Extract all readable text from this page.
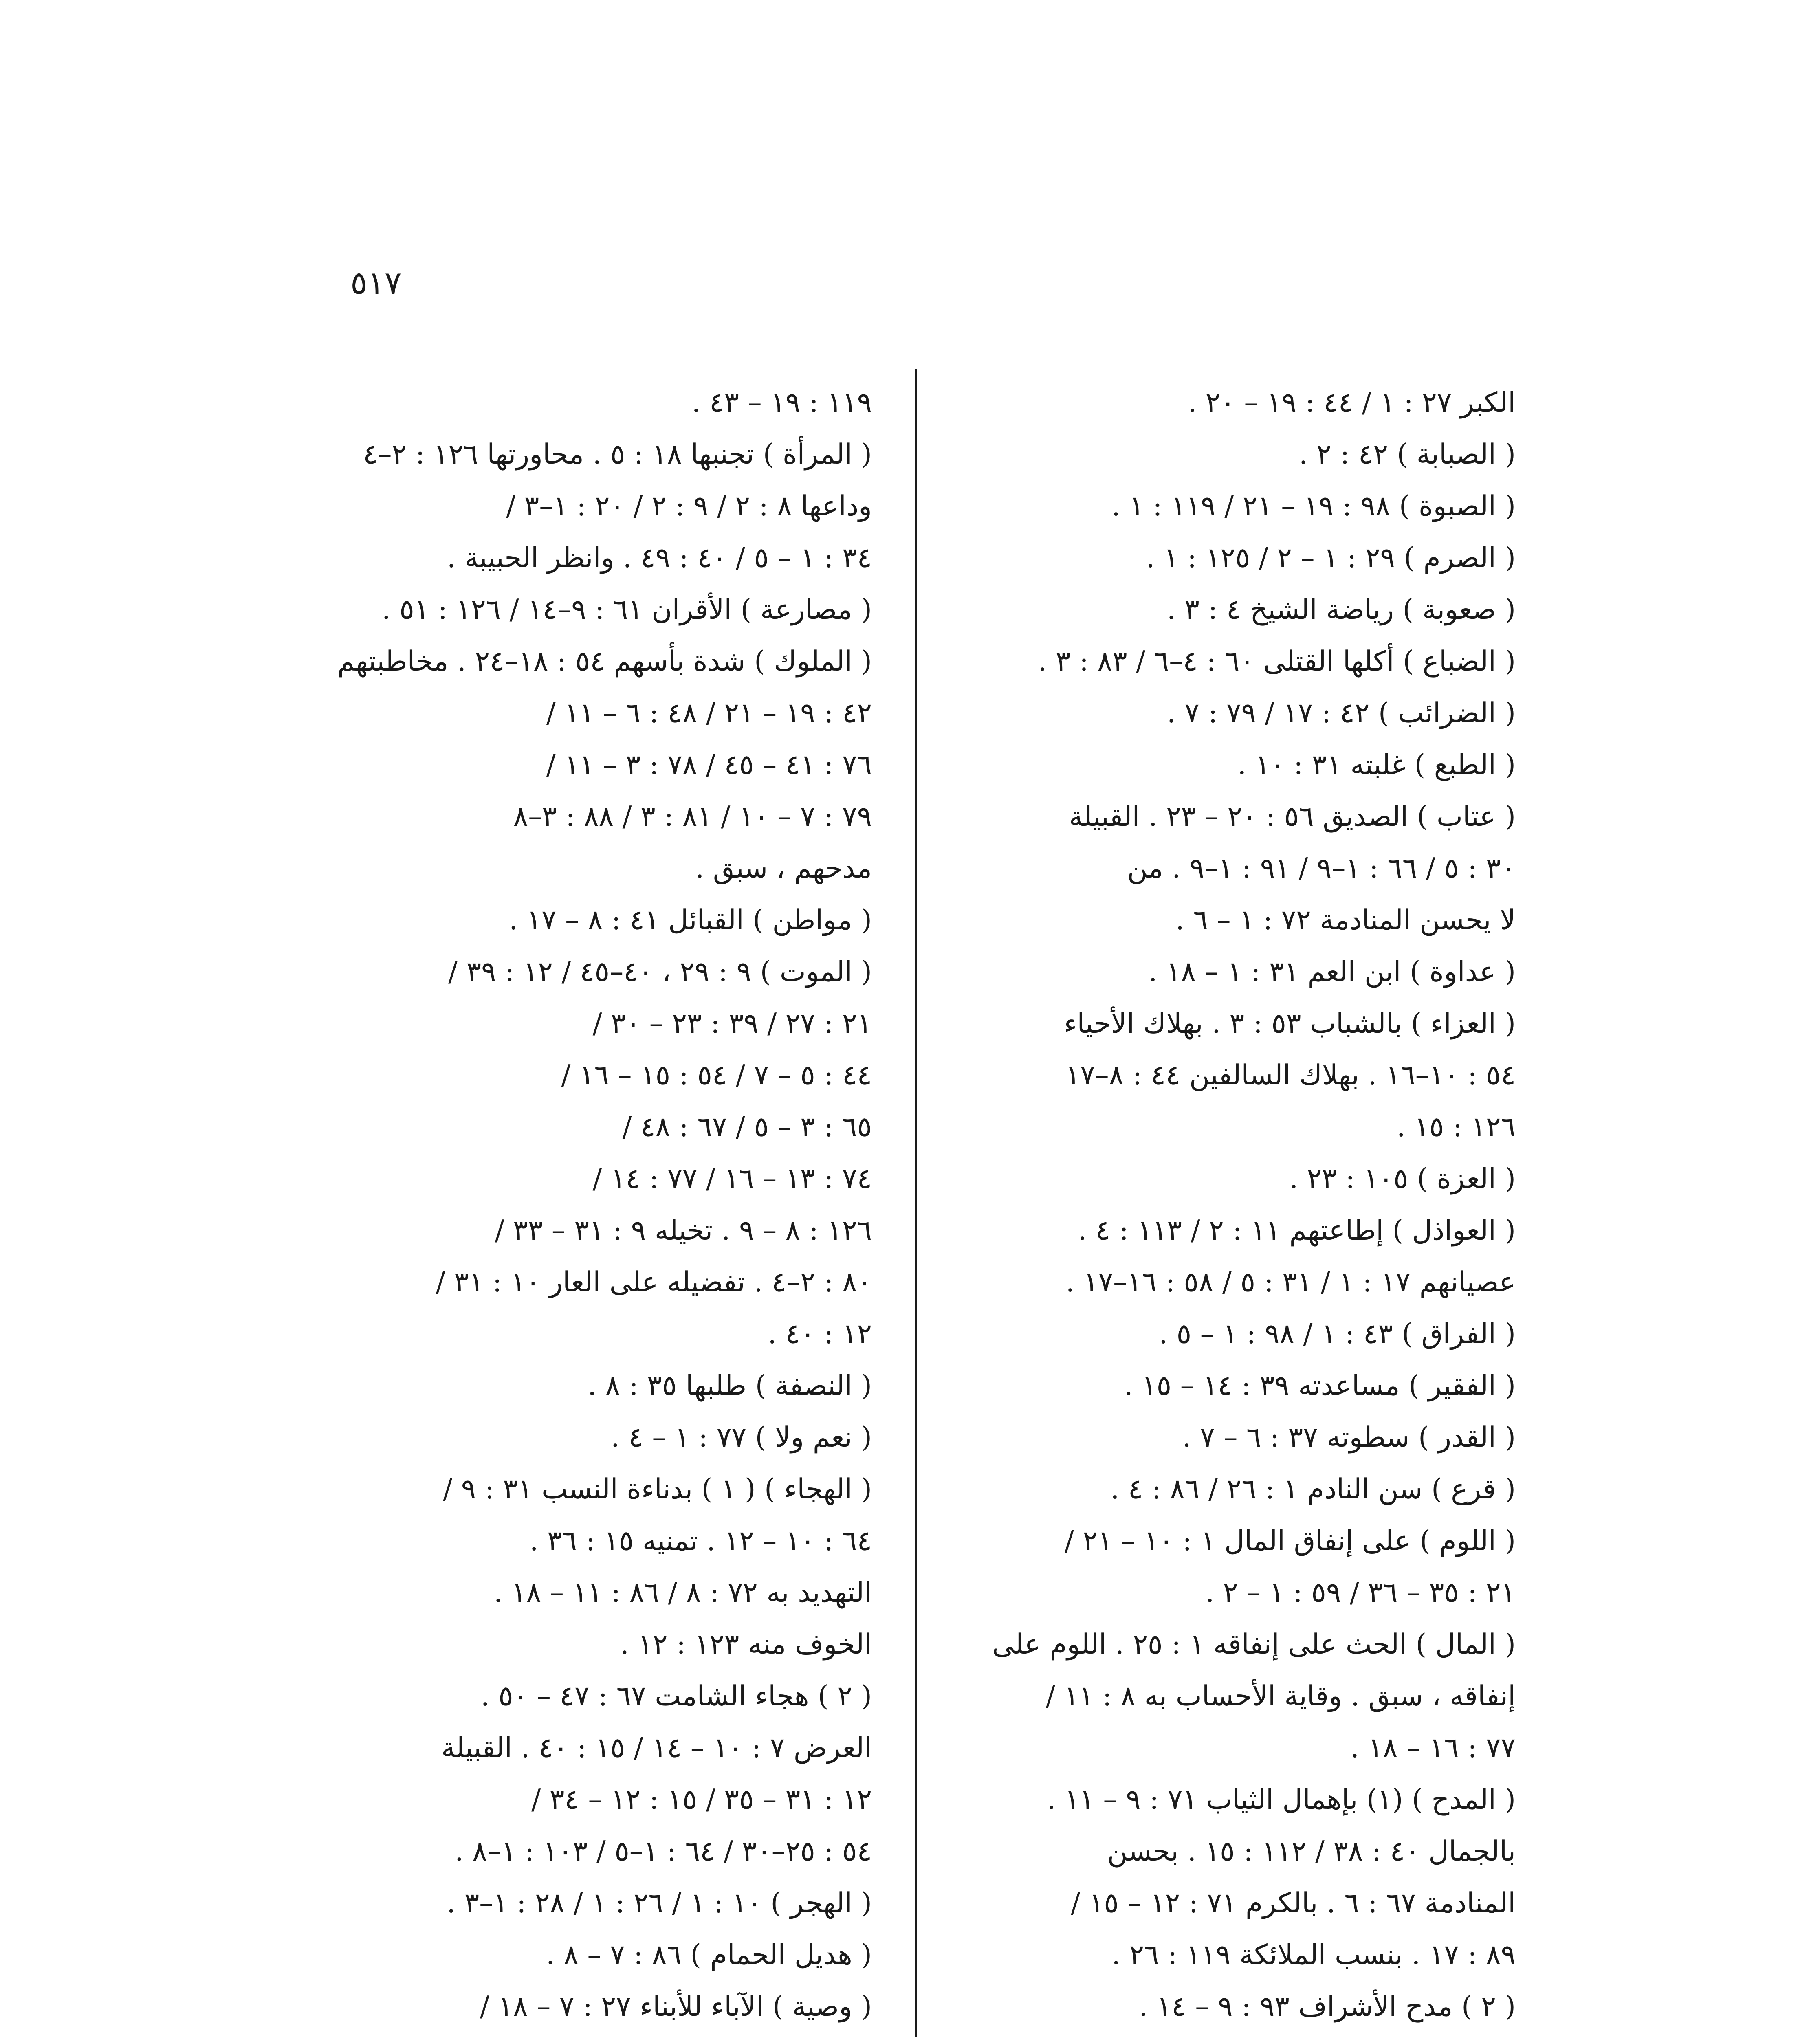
٥١٧
الكبر ٢٧ : ١ / ٤٤ : ١٩ – ٢٠ .
( الصبابة ) ٤٢ : ٢ .
( الصبوة ) ٩٨ : ١٩ – ٢١ / ١١٩ : ١ .
( الصرم ) ٢٩ : ١ – ٢ / ١٢٥ : ١ .
( صعوبة ) رياضة الشيخ ٤ : ٣ .
( الضباع ) أكلها القتلى ٦٠ : ٤–٦ / ٨٣ : ٣ .
( الضرائب ) ٤٢ : ١٧ / ٧٩ : ٧ .
( الطبع ) غلبته ٣١ : ١٠ .
( عتاب ) الصديق ٥٦ : ٢٠ – ٢٣ . القبيلة
٣٠ : ٥ / ٦٦ : ١–٩ / ٩١ : ١–٩ . من
لا يحسن المنادمة ٧٢ : ١ – ٦ .
( عداوة ) ابن العم ٣١ : ١ – ١٨ .
( العزاء ) بالشباب ٥٣ : ٣ . بهلاك الأحياء
٥٤ : ١٠–١٦ . بهلاك السالفين ٤٤ : ٨–١٧
١٢٦ : ١٥ .
( العزة ) ١٠٥ : ٢٣ .
( العواذل ) إطاعتهم ١١ : ٢ / ١١٣ : ٤ .
عصيانهم ١٧ : ١ / ٣١ : ٥ / ٥٨ : ١٦–١٧ .
( الفراق ) ٤٣ : ١ / ٩٨ : ١ – ٥ .
( الفقير ) مساعدته ٣٩ : ١٤ – ١٥ .
( القدر ) سطوته ٣٧ : ٦ – ٧ .
( قرع ) سن النادم ١ : ٢٦ / ٨٦ : ٤ .
( اللوم ) على إنفاق المال ١ : ١٠ – ٢١ /
٢١ : ٣٥ – ٣٦ / ٥٩ : ١ – ٢ .
( المال ) الحث على إنفاقه ١ : ٢٥ . اللوم على
إنفاقه ، سبق . وقاية الأحساب به ٨ : ١١ /
٧٧ : ١٦ – ١٨ .
( المدح ) (١) بإهمال الثياب ٧١ : ٩ – ١١ .
بالجمال ٤٠ : ٣٨ / ١١٢ : ١٥ . بحسن
المنادمة ٦٧ : ٦ . بالكرم ٧١ : ١٢ – ١٥ /
٨٩ : ١٧ . بنسب الملائكة ١١٩ : ٢٦ .
( ٢ ) مدح الأشراف ٩٣ : ٩ – ١٤ .
١١٩ : ١٩ – ٤٣ .
( المرأة ) تجنبها ١٨ : ٥ . محاورتها ١٢٦ : ٢–٤
وداعها ٨ : ٢ / ٩ : ٢ / ٢٠ : ١–٣ /
٣٤ : ١ – ٥ / ٤٠ : ٤٩ . وانظر الحبيبة .
( مصارعة ) الأقران ٦١ : ٩–١٤ / ١٢٦ : ٥١ .
( الملوك ) شدة بأسهم ٥٤ : ١٨–٢٤ . مخاطبتهم
٤٢ : ١٩ – ٢١ / ٤٨ : ٦ – ١١ /
٧٦ : ٤١ – ٤٥ / ٧٨ : ٣ – ١١ /
٧٩ : ٧ – ١٠ / ٨١ : ٣ / ٨٨ : ٣–٨
مدحهم ، سبق .
( مواطن ) القبائل ٤١ : ٨ – ١٧ .
( الموت ) ٩ : ٢٩ ، ٤٠–٤٥ / ١٢ : ٣٩ /
٢١ : ٢٧ / ٣٩ : ٢٣ – ٣٠ /
٤٤ : ٥ – ٧ / ٥٤ : ١٥ – ١٦ /
٦٥ : ٣ – ٥ / ٦٧ : ٤٨ /
٧٤ : ١٣ – ١٦ / ٧٧ : ١٤ /
١٢٦ : ٨ – ٩ . تخيله ٩ : ٣١ – ٣٣ /
٨٠ : ٢–٤ . تفضيله على العار ١٠ : ٣١ /
١٢ : ٤٠ .
( النصفة ) طلبها ٣٥ : ٨ .
( نعم ولا ) ٧٧ : ١ – ٤ .
( الهجاء ) ( ١ ) بدناءة النسب ٣١ : ٩ /
٦٤ : ١٠ – ١٢ . تمنيه ١٥ : ٣٦ .
التهديد به ٧٢ : ٨ / ٨٦ : ١١ – ١٨ .
الخوف منه ١٢٣ : ١٢ .
( ٢ ) هجاء الشامت ٦٧ : ٤٧ – ٥٠ .
العرض ٧ : ١٠ – ١٤ / ١٥ : ٤٠ . القبيلة
١٢ : ٣١ – ٣٥ / ١٥ : ١٢ – ٣٤ /
٥٤ : ٢٥–٣٠ / ٦٤ : ١–٥ / ١٠٣ : ١–٨ .
( الهجر ) ١٠ : ١ / ٢٦ : ١ / ٢٨ : ١–٣ .
( هديل الحمام ) ٨٦ : ٧ – ٨ .
( وصية ) الآباء للأبناء ٢٧ : ٧ – ١٨ /
